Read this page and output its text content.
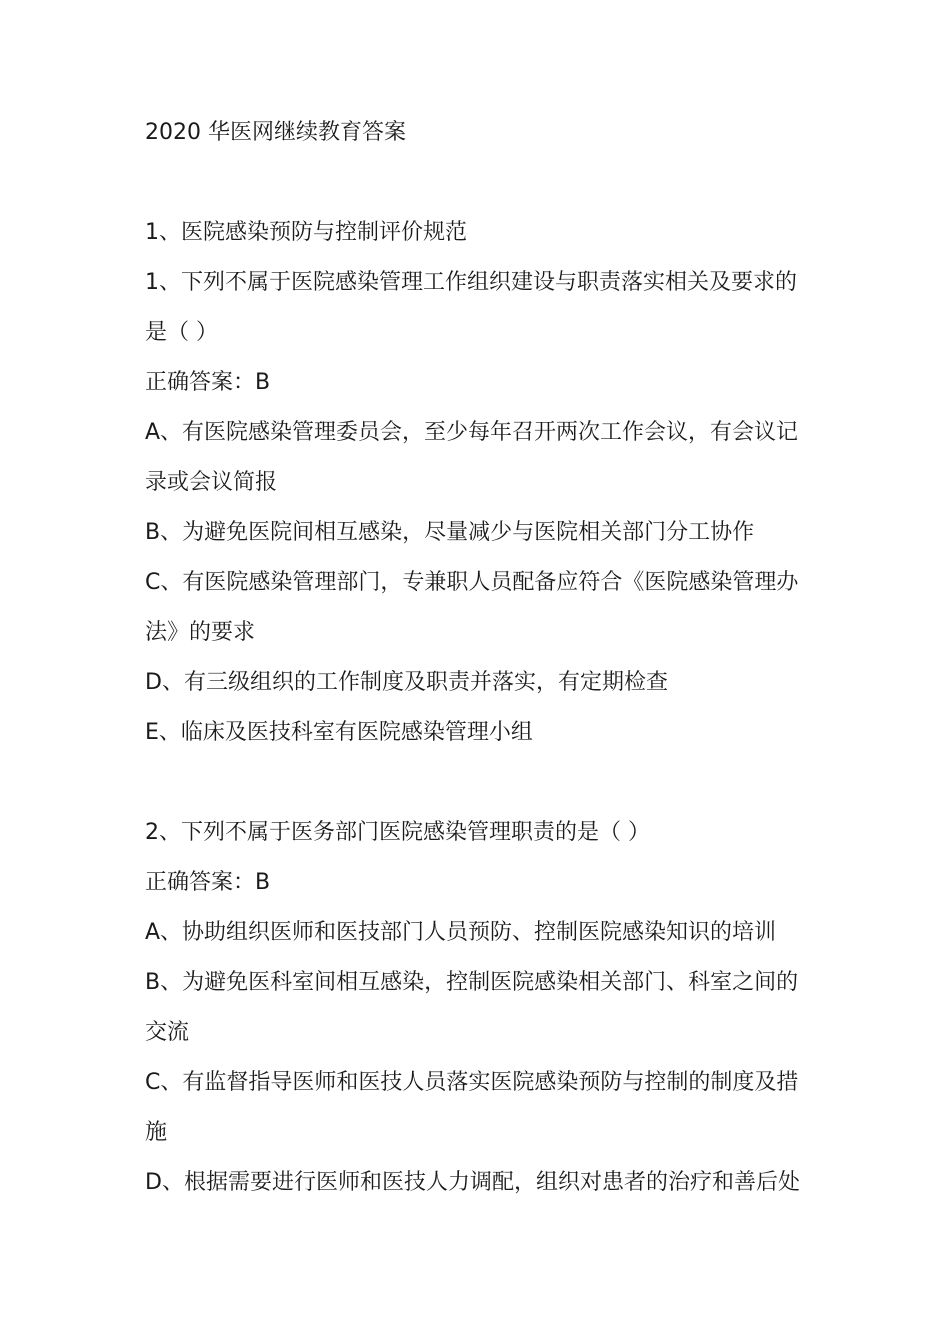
2020 华医网继续教育答案
1、医院感染预防与控制评价规范
1、下列不属于医院感染管理工作组织建设与职责落实相关及要求的
是（ ）
正确答案：B
A、有医院感染管理委员会，至少每年召开两次工作会议，有会议记
录或会议简报
B、为避免医院间相互感染，尽量减少与医院相关部门分工协作
C、有医院感染管理部门，专兼职人员配备应符合《医院感染管理办
法》的要求
D、有三级组织的工作制度及职责并落实，有定期检查
E、临床及医技科室有医院感染管理小组
2、下列不属于医务部门医院感染管理职责的是（ ）
正确答案：B
A、协助组织医师和医技部门人员预防、控制医院感染知识的培训
B、为避免医科室间相互感染，控制医院感染相关部门、科室之间的
交流
C、有监督指导医师和医技人员落实医院感染预防与控制的制度及措
施
D、根据需要进行医师和医技人力调配，组织对患者的治疗和善后处
